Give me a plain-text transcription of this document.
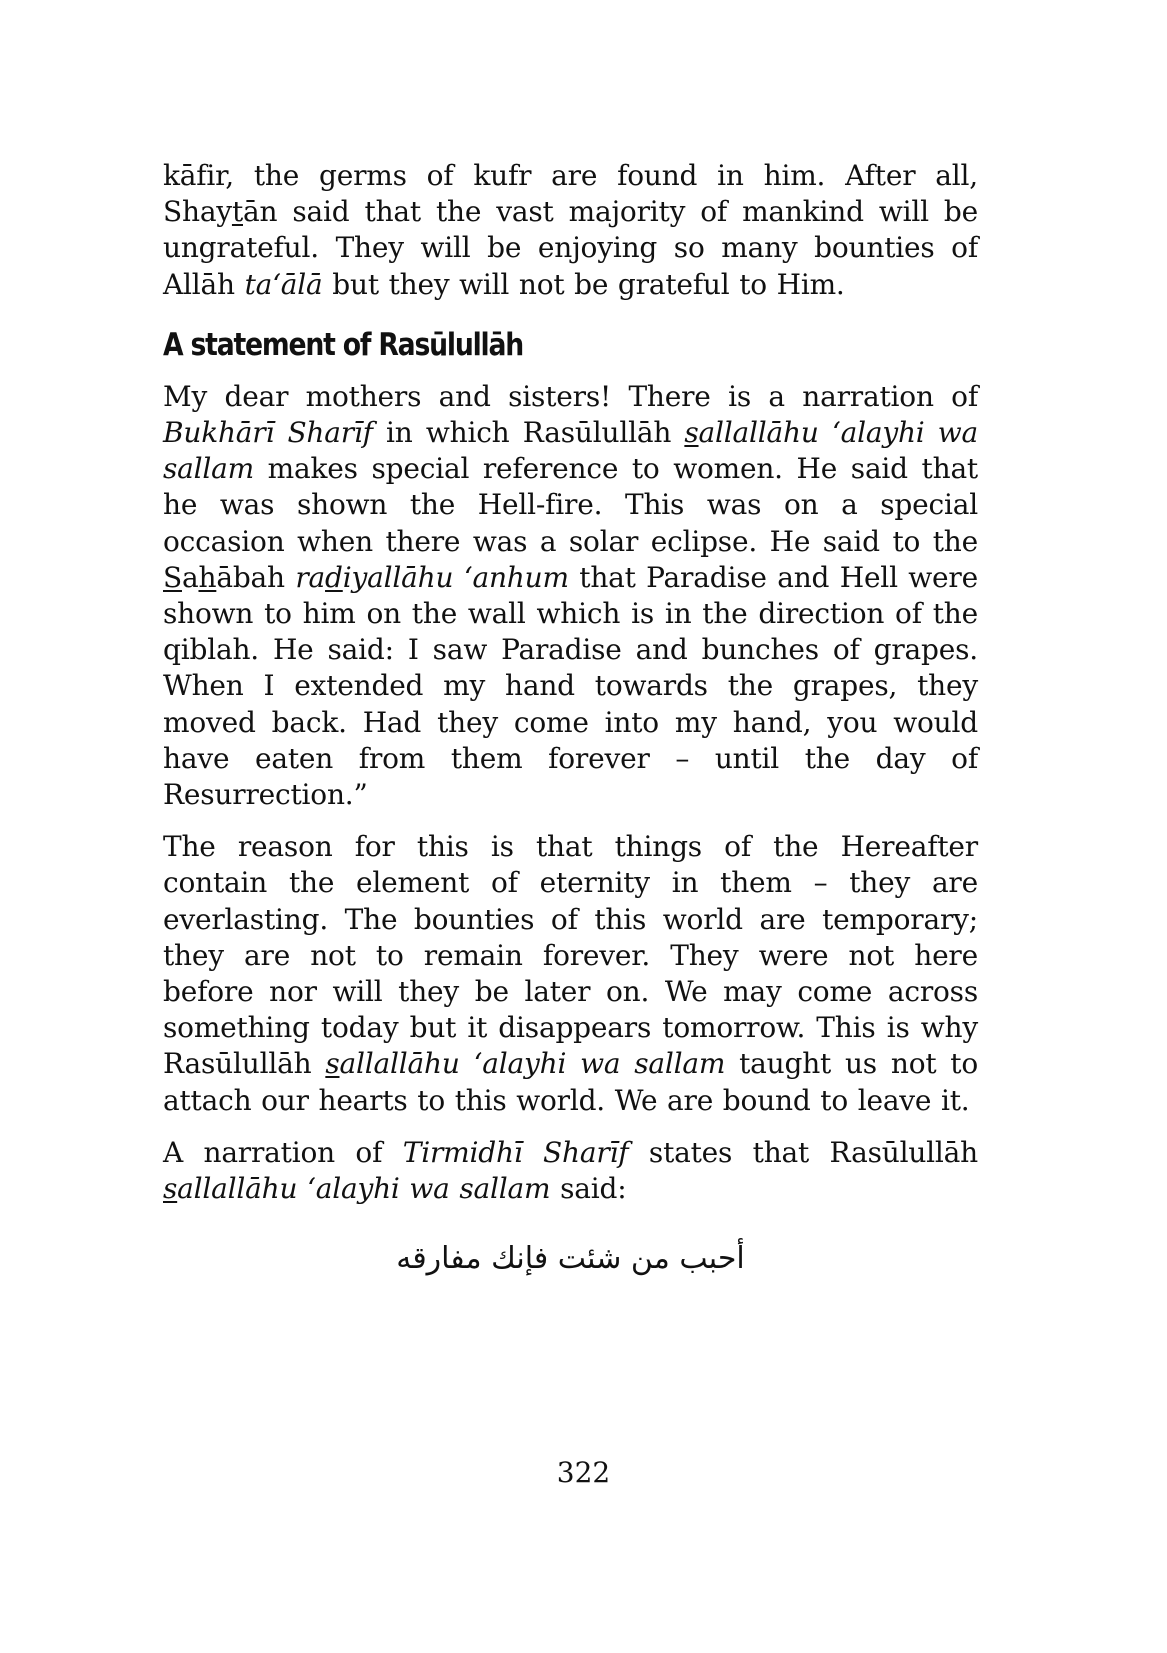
kāfir, the germs of kufr are found in him. After all, Shaytān said that the vast majority of mankind will be ungrateful. They will be enjoying so many bounties of Allāh ta‘ālā but they will not be grateful to Him.

A statement of Rasūlullāh

My dear mothers and sisters! There is a narration of Bukhārī Sharīf in which Rasūlullāh sallallāhu ‘alayhi wa sallam makes special reference to women. He said that he was shown the Hell-fire. This was on a special occasion when there was a solar eclipse. He said to the Sahābah radiyallāhu ‘anhum that Paradise and Hell were shown to him on the wall which is in the direction of the qiblah. He said: I saw Paradise and bunches of grapes. When I extended my hand towards the grapes, they moved back. Had they come into my hand, you would have eaten from them forever – until the day of Resurrection.”

The reason for this is that things of the Hereafter contain the element of eternity in them – they are everlasting. The bounties of this world are temporary; they are not to remain forever. They were not here before nor will they be later on. We may come across something today but it disappears tomorrow. This is why Rasūlullāh sallallāhu ‘alayhi wa sallam taught us not to attach our hearts to this world. We are bound to leave it.

A narration of Tirmidhī Sharīf states that Rasūlullāh sallallāhu ‘alayhi wa sallam said:

أحبب من شئت فإنك مفارقه
322
